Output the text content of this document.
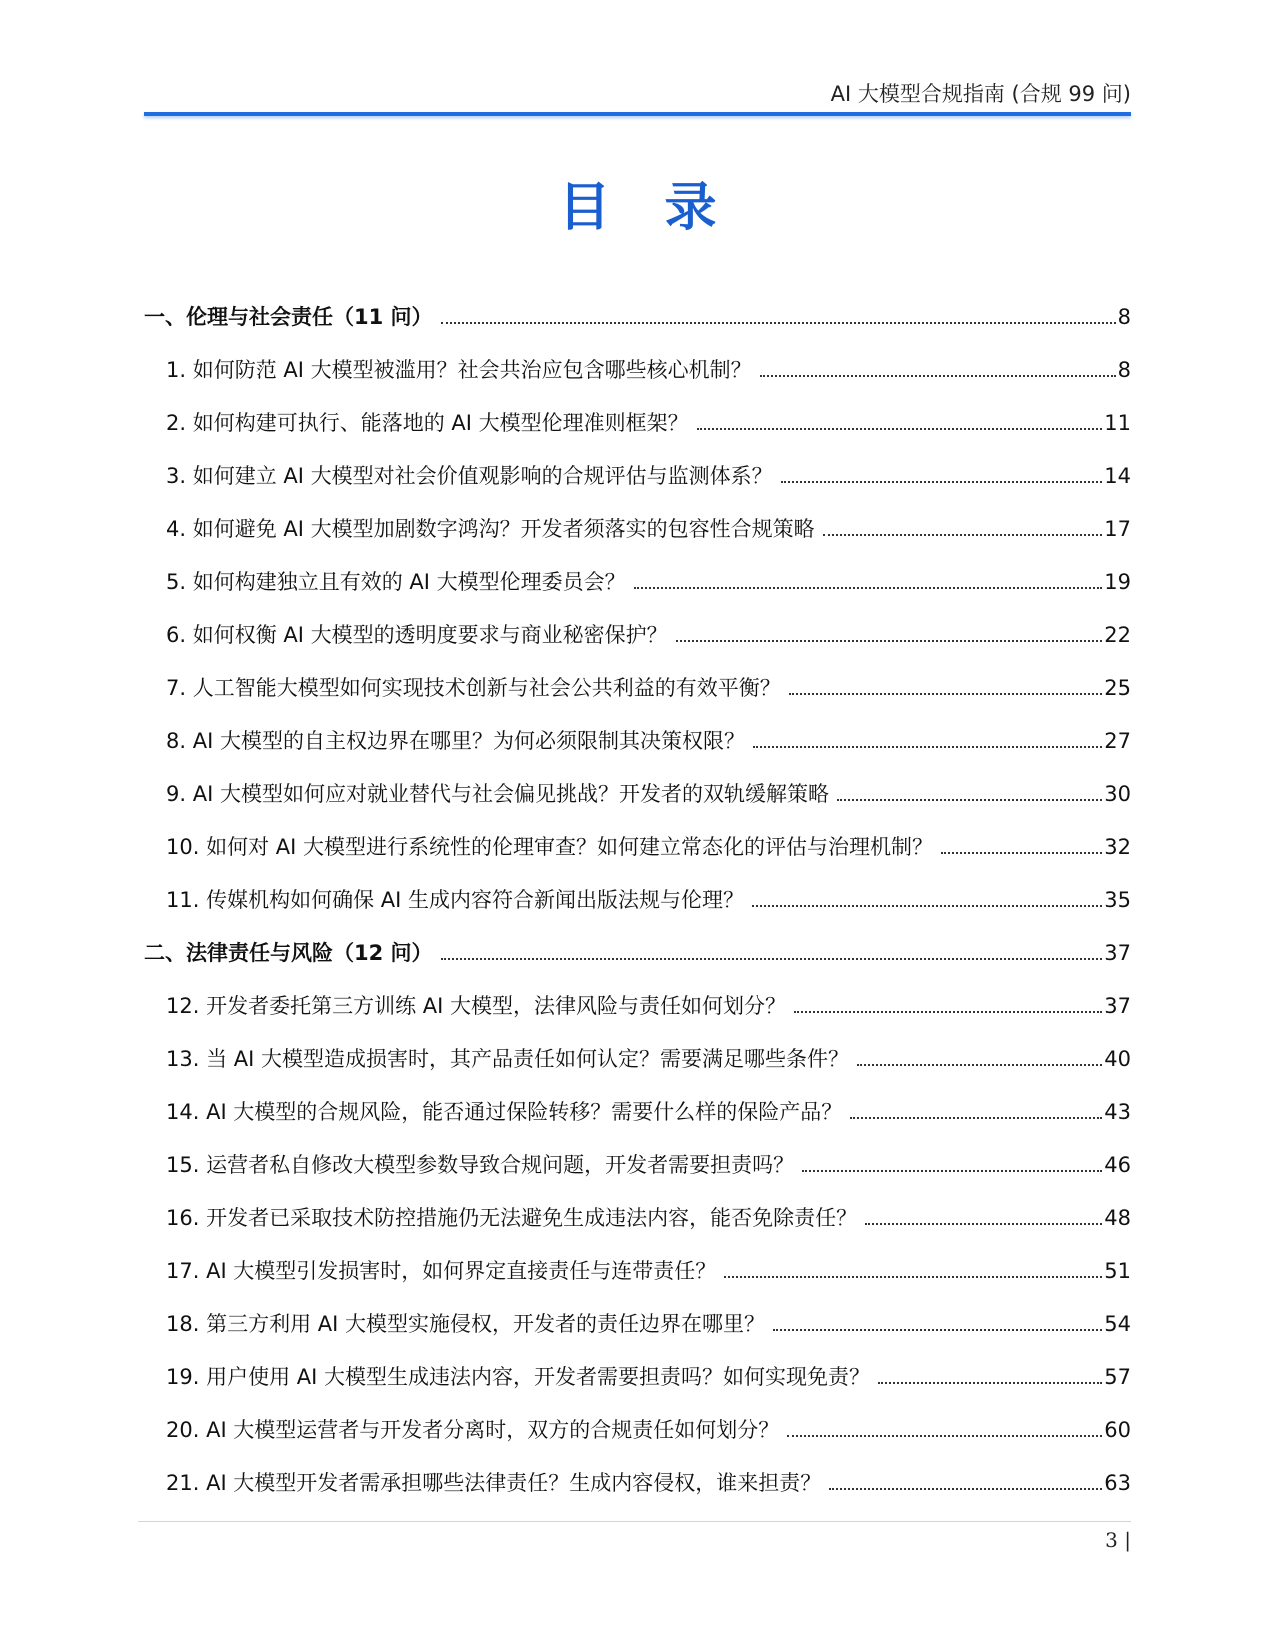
AI 大模型合规指南 (合规 99 问)
目 录
一、伦理与社会责任（11 问）	8
1. 如何防范 AI 大模型被滥用？社会共治应包含哪些核心机制？	8
2. 如何构建可执行、能落地的 AI 大模型伦理准则框架？	11
3. 如何建立 AI 大模型对社会价值观影响的合规评估与监测体系？	14
4. 如何避免 AI 大模型加剧数字鸿沟？开发者须落实的包容性合规策略	17
5. 如何构建独立且有效的 AI 大模型伦理委员会？	19
6. 如何权衡 AI 大模型的透明度要求与商业秘密保护？	22
7. 人工智能大模型如何实现技术创新与社会公共利益的有效平衡？	25
8. AI 大模型的自主权边界在哪里？为何必须限制其决策权限？	27
9. AI 大模型如何应对就业替代与社会偏见挑战？开发者的双轨缓解策略	30
10. 如何对 AI 大模型进行系统性的伦理审查？如何建立常态化的评估与治理机制？	32
11. 传媒机构如何确保 AI 生成内容符合新闻出版法规与伦理？	35
二、法律责任与风险（12 问）	37
12. 开发者委托第三方训练 AI 大模型，法律风险与责任如何划分？	37
13. 当 AI 大模型造成损害时，其产品责任如何认定？需要满足哪些条件？	40
14. AI 大模型的合规风险，能否通过保险转移？需要什么样的保险产品？	43
15. 运营者私自修改大模型参数导致合规问题，开发者需要担责吗？	46
16. 开发者已采取技术防控措施仍无法避免生成违法内容，能否免除责任？	48
17. AI 大模型引发损害时，如何界定直接责任与连带责任？	51
18. 第三方利用 AI 大模型实施侵权，开发者的责任边界在哪里？	54
19. 用户使用 AI 大模型生成违法内容，开发者需要担责吗？如何实现免责？	57
20. AI 大模型运营者与开发者分离时，双方的合规责任如何划分？	60
21. AI 大模型开发者需承担哪些法律责任？生成内容侵权，谁来担责？	63
3 |
